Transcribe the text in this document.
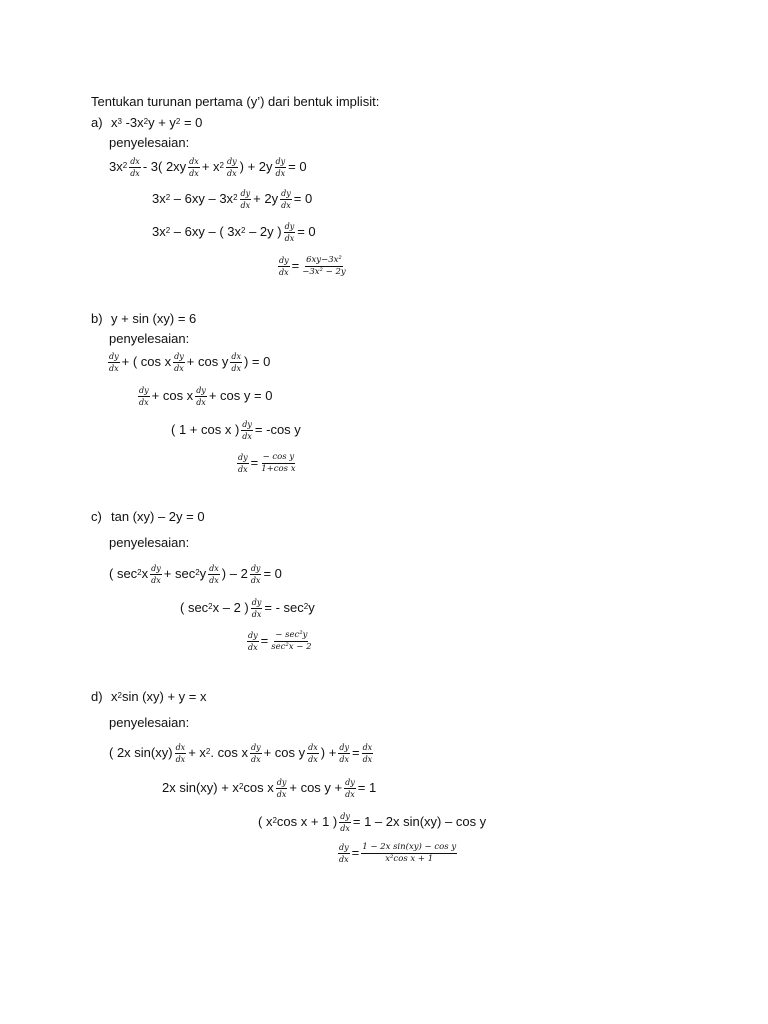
Tentukan turunan pertama (y’) dari bentuk implisit:
a) $x^3$ $-3x^2$ $y + y^2 = 0$
penyelesaian:
$3x^2 \frac{dx}{dx} - 3$( $2xy \frac{dx}{dx} + x^2 \frac{dy}{dx}$ ) + $2y \frac{dy}{dx} = 0$
$3x^2 - 6xy - 3x^2 \frac{dy}{dx} + 2y \frac{dy}{dx} = 0$
$3x^2 - 6xy$ – ( $3x^2 - 2y$ ) $\frac{dy}{dx} = 0$
$\frac{dy}{dx} = \frac{\text{6xy−3x²}}{\text{−3x² − 2y}}$
b) y + sin (xy) = 6
penyelesaian:
$\frac{dy}{dx}$ + ( cos x $\frac{dy}{dx} + \cos y \frac{dx}{dx}$ ) = 0
$\frac{dy}{dx} + \cos x \frac{dy}{dx} + \cos y = 0$
( 1 + cos x ) $\frac{dy}{dx} = -\cos$ y
$\frac{dy}{dx} = \frac{\text{− cos y}}{\text{1+cos x}}$
c) tan (xy) – 2y = 0
penyelesaian:
( $\sec^2 x \frac{dy}{dx} + \sec^2 y \frac{dx}{dx}$ ) – $2 \frac{dy}{dx} = 0$
( $\sec^2 x - 2$ ) $\frac{dy}{dx}$ = - $\sec^2 y$
$\frac{dy}{dx} = \frac{\text{− sec²y}}{\text{sec²x − 2}}$
d) $x^2$ sin (xy) + y = x
penyelesaian:
( 2x $\sin(xy) \frac{dx}{dx} + x^2$ . cos x $\frac{dy}{dx} + \cos y \frac{dx}{dx}$ ) + $\frac{dy}{dx} = \frac{dx}{dx}$
2x $\sin(xy) + x^2$ cos x $\frac{dy}{dx} + \cos y + \frac{dy}{dx} = 1$
( $x^2$ cos x + 1 ) $\frac{dy}{dx} = 1 - 2x$ sin(xy) – cos y
$\frac{dy}{dx} = \frac{\text{1 − 2x sin(xy) − cos y}}{\text{x²cos x + 1}}$
